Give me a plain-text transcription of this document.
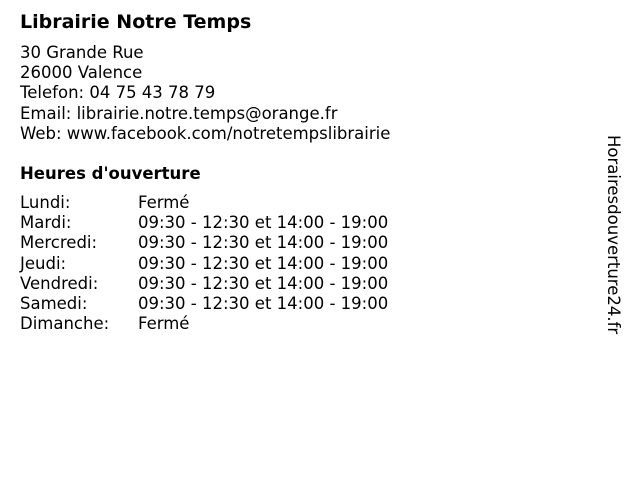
Librairie Notre Temps
30 Grande Rue
26000 Valence
Telefon: 04 75 43 78 79
Email: librairie.notre.temps@orange.fr
Web: www.facebook.com/notretempslibrairie
Heures d'ouverture
Lundi:	Fermé
Mardi:	09:30 - 12:30 et 14:00 - 19:00
Mercredi:	09:30 - 12:30 et 14:00 - 19:00
Jeudi:	09:30 - 12:30 et 14:00 - 19:00
Vendredi:	09:30 - 12:30 et 14:00 - 19:00
Samedi:	09:30 - 12:30 et 14:00 - 19:00
Dimanche:	Fermé	Horairesdouverture24.fr
